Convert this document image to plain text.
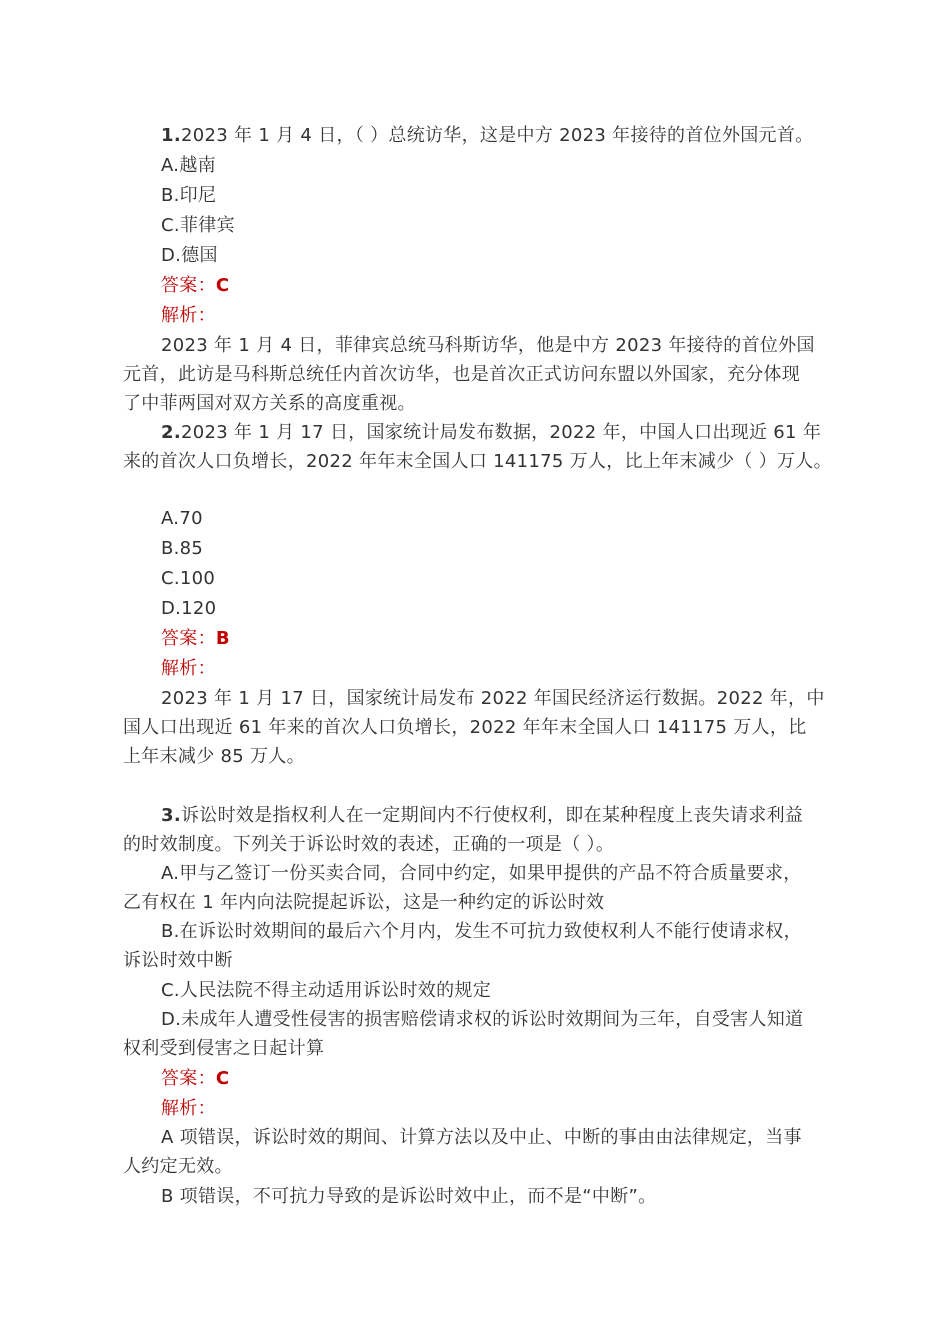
1.2023 年 1 月 4 日，（ ）总统访华，这是中方 2023 年接待的首位外国元首。
A.越南
B.印尼
C.菲律宾
D.德国
答案：C
解析：
2023 年 1 月 4 日，菲律宾总统马科斯访华，他是中方 2023 年接待的首位外国
元首，此访是马科斯总统任内首次访华，也是首次正式访问东盟以外国家，充分体现
了中菲两国对双方关系的高度重视。
2.2023 年 1 月 17 日，国家统计局发布数据，2022 年，中国人口出现近 61 年
来的首次人口负增长，2022 年年末全国人口 141175 万人，比上年末减少（ ）万人。
A.70
B.85
C.100
D.120
答案：B
解析：
2023 年 1 月 17 日，国家统计局发布 2022 年国民经济运行数据。2022 年，中
国人口出现近 61 年来的首次人口负增长，2022 年年末全国人口 141175 万人，比
上年末减少 85 万人。
3.诉讼时效是指权利人在一定期间内不行使权利，即在某种程度上丧失请求利益
的时效制度。下列关于诉讼时效的表述，正确的一项是（ ）。
A.甲与乙签订一份买卖合同，合同中约定，如果甲提供的产品不符合质量要求，
乙有权在 1 年内向法院提起诉讼，这是一种约定的诉讼时效
B.在诉讼时效期间的最后六个月内，发生不可抗力致使权利人不能行使请求权，
诉讼时效中断
C.人民法院不得主动适用诉讼时效的规定
D.未成年人遭受性侵害的损害赔偿请求权的诉讼时效期间为三年，自受害人知道
权利受到侵害之日起计算
答案：C
解析：
A 项错误，诉讼时效的期间、计算方法以及中止、中断的事由由法律规定，当事
人约定无效。
B 项错误，不可抗力导致的是诉讼时效中止，而不是“中断”。
